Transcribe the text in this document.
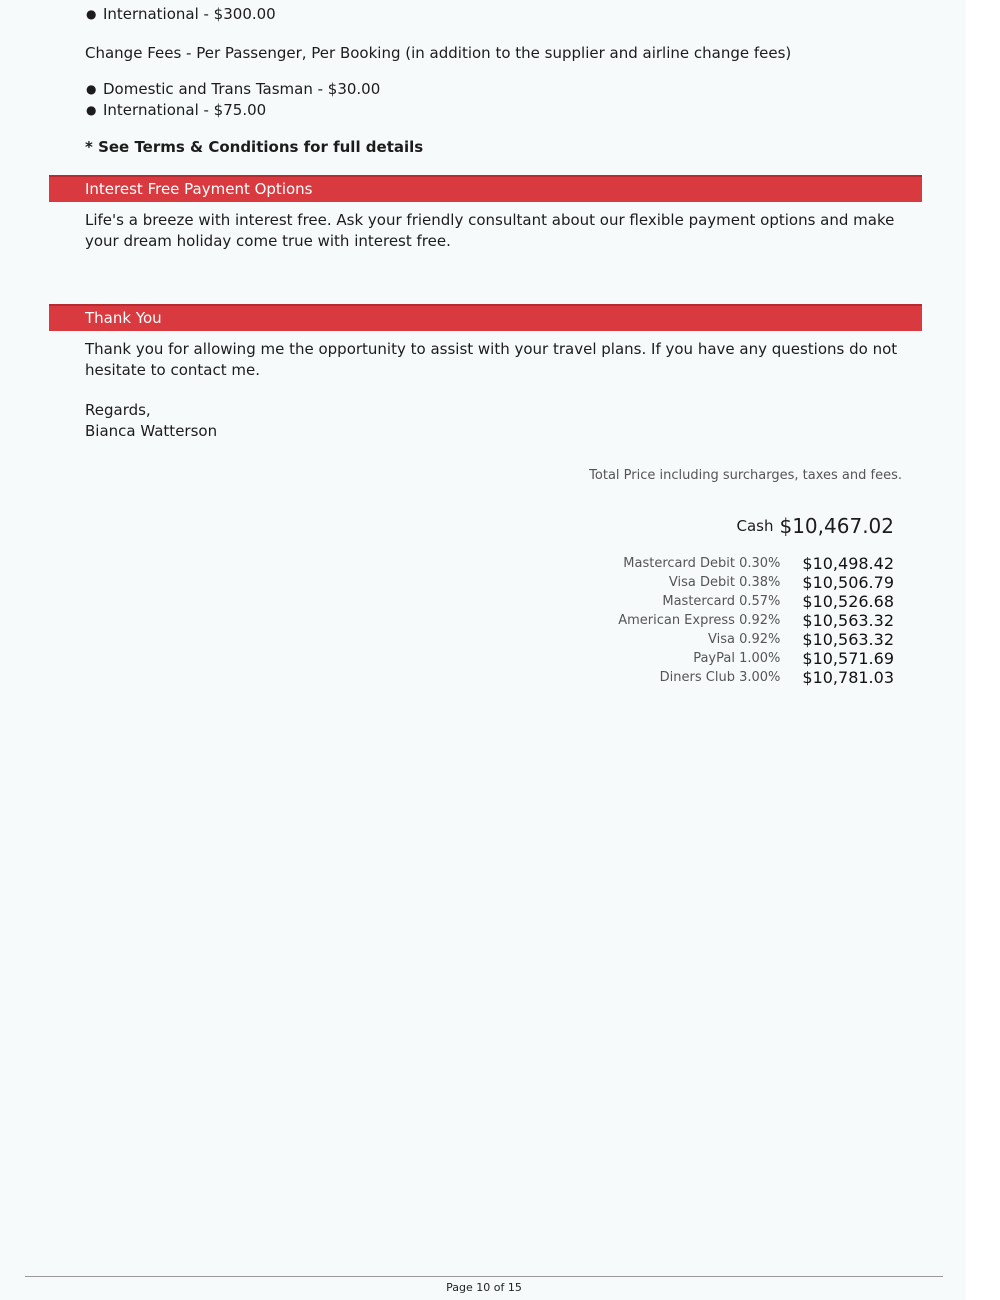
● International - $300.00
Change Fees - Per Passenger, Per Booking (in addition to the supplier and airline change fees)
● Domestic and Trans Tasman - $30.00
● International - $75.00
* See Terms & Conditions for full details
Interest Free Payment Options
Life's a breeze with interest free. Ask your friendly consultant about our flexible payment options and make your dream holiday come true with interest free.
Thank You
Thank you for allowing me the opportunity to assist with your travel plans. If you have any questions do not hesitate to contact me.
Regards,
Bianca Watterson
Total Price including surcharges, taxes and fees.
Cash $10,467.02
Mastercard Debit 0.30%	$10,498.42
Visa Debit 0.38%	$10,506.79
Mastercard 0.57%	$10,526.68
American Express 0.92%	$10,563.32
Visa 0.92%	$10,563.32
PayPal 1.00%	$10,571.69
Diners Club 3.00%	$10,781.03
Page 10 of 15
